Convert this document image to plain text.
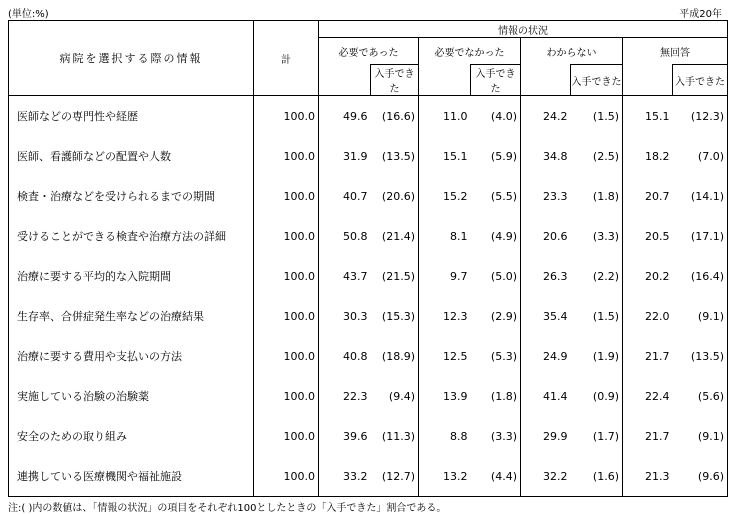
(単位:%)	平成20年
病院を選択する際の情報	計	情報の状況							
		必要であった		必要でなかった		わからない		無回答	
			入手できた		入手できた		入手できた		入手できた
医師などの専門性や経歴	100.0	49.6	(16.6)	11.0	(4.0)	24.2	(1.5)	15.1	(12.3)
医師、看護師などの配置や人数	100.0	31.9	(13.5)	15.1	(5.9)	34.8	(2.5)	18.2	(7.0)
検査・治療などを受けられるまでの期間	100.0	40.7	(20.6)	15.2	(5.5)	23.3	(1.8)	20.7	(14.1)
受けることができる検査や治療方法の詳細	100.0	50.8	(21.4)	8.1	(4.9)	20.6	(3.3)	20.5	(17.1)
治療に要する平均的な入院期間	100.0	43.7	(21.5)	9.7	(5.0)	26.3	(2.2)	20.2	(16.4)
生存率、合併症発生率などの治療結果	100.0	30.3	(15.3)	12.3	(2.9)	35.4	(1.5)	22.0	(9.1)
治療に要する費用や支払いの方法	100.0	40.8	(18.9)	12.5	(5.3)	24.9	(1.9)	21.7	(13.5)
実施している治験の治験薬	100.0	22.3	(9.4)	13.9	(1.8)	41.4	(0.9)	22.4	(5.6)
安全のための取り組み	100.0	39.6	(11.3)	8.8	(3.3)	29.9	(1.7)	21.7	(9.1)
連携している医療機関や福祉施設	100.0	33.2	(12.7)	13.2	(4.4)	32.2	(1.6)	21.3	(9.6)
注:( )内の数値は、「情報の状況」の項目をそれぞれ100としたときの「入手できた」割合である。
